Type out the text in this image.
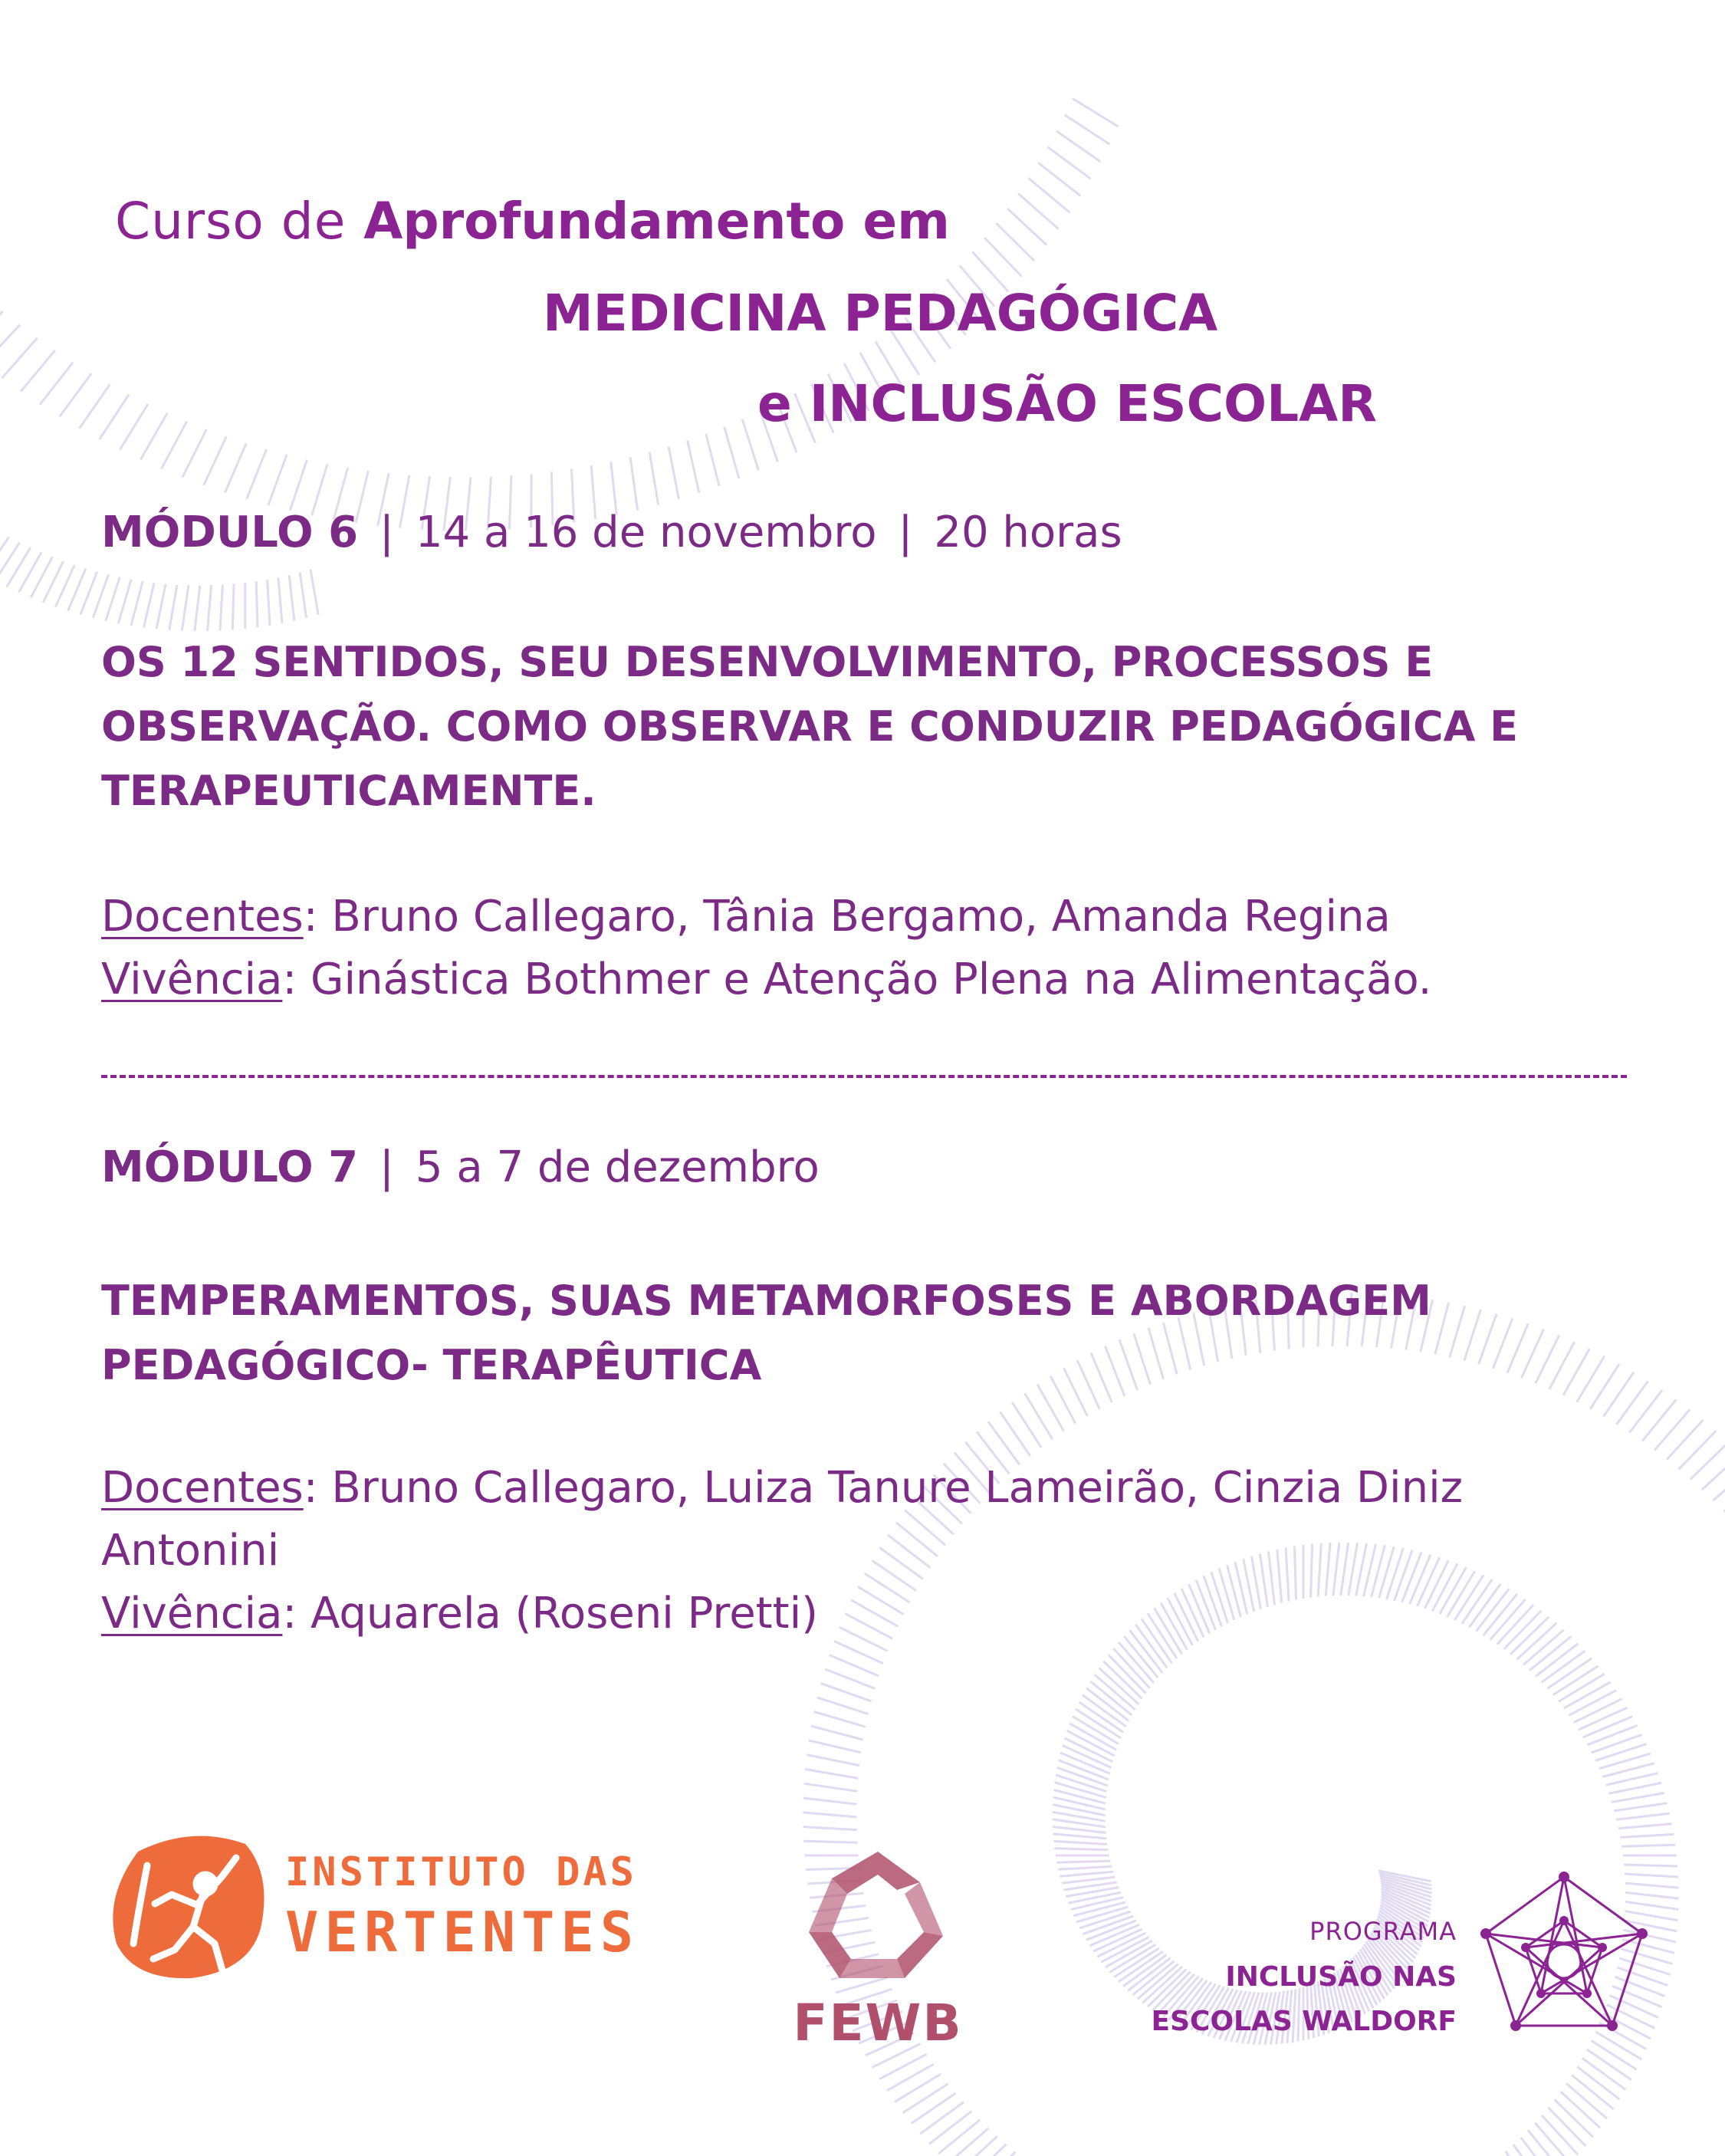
Curso de Aprofundamento em
MEDICINA PEDAGÓGICA
e INCLUSÃO ESCOLAR
MÓDULO 6 | 14 a 16 de novembro | 20 horas
OS 12 SENTIDOS, SEU DESENVOLVIMENTO, PROCESSOS E OBSERVAÇÃO. COMO OBSERVAR E CONDUZIR PEDAGÓGICA E TERAPEUTICAMENTE.
Docentes: Bruno Callegaro, Tânia Bergamo, Amanda Regina
Vivência: Ginástica Bothmer e Atenção Plena na Alimentação.
MÓDULO 7 | 5 a 7 de dezembro
TEMPERAMENTOS, SUAS METAMORFOSES E ABORDAGEM PEDAGÓGICO- TERAPÊUTICA
Docentes: Bruno Callegaro, Luiza Tanure Lameirão, Cinzia Diniz Antonini
Vivência: Aquarela (Roseni Pretti)
INSTITUTO DAS
VERTENTES
FEWB
PROGRAMA
INCLUSÃO NAS
ESCOLAS WALDORF
